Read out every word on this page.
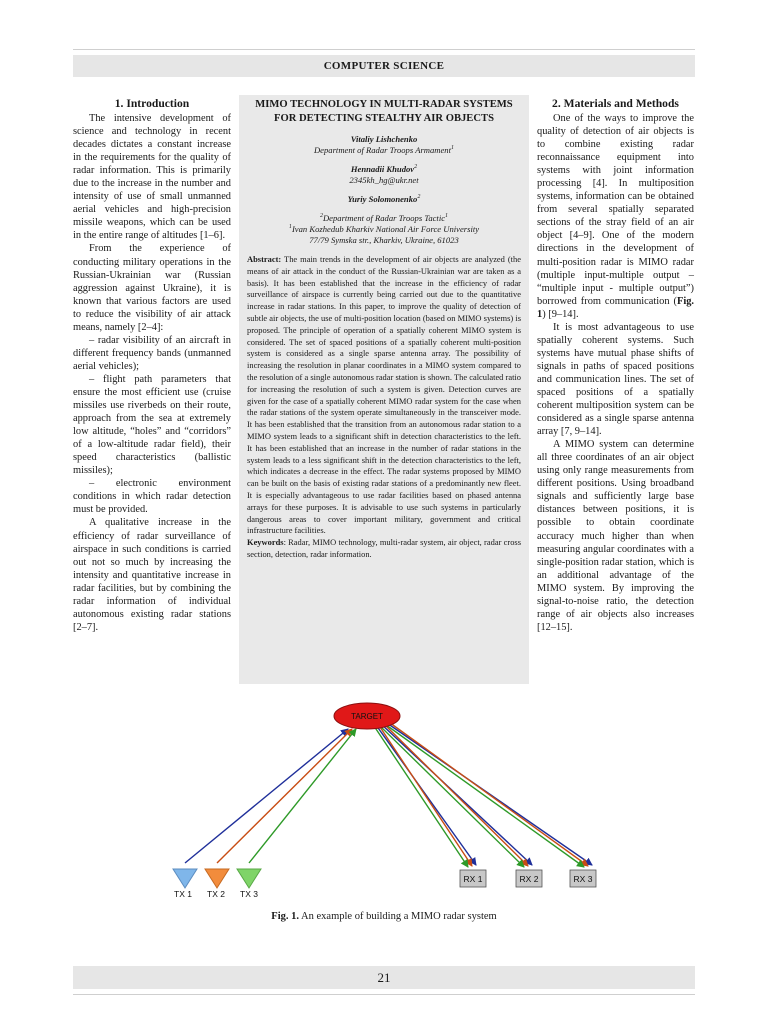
COMPUTER SCIENCE
1. Introduction

The intensive development of science and technology in recent decades dictates a constant increase in the requirements for the quality of radar information. This is primarily due to the increase in the number and intensity of use of small unmanned aerial vehicles and high-precision missile weapons, which can be used in the entire range of altitudes [1–6].

From the experience of conducting military operations in the Russian-Ukrainian war (Russian aggression against Ukraine), it is known that various factors are used to reduce the visibility of air attack means, namely [2–4]:

– radar visibility of an aircraft in different frequency bands (unmanned aerial vehicles);

– flight path parameters that ensure the most efficient use (cruise missiles use riverbeds on their route, approach from the sea at extremely low altitude, “holes” and “corridors” of a low-altitude radar field), their speed characteristics (ballistic missiles);

– electronic environment conditions in which radar detection must be provided.

A qualitative increase in the efficiency of radar surveillance of airspace in such conditions is carried out not so much by increasing the intensity and quantitative increase in radar facilities, but by combining the radar information of individual autonomous existing radar stations [2–7].

MIMO TECHNOLOGY IN MULTI-RADAR SYSTEMS
FOR DETECTING STEALTHY AIR OBJECTS
Vitaliy Lishchenko
Department of Radar Troops Armament$^1$
Hennadii Khudov$^2$
2345kh_hg@ukr.net
Yuriy Solomonenko$^2$
$^2$Department of Radar Troops Tactic$^1$
$^1$Ivan Kozhedub Kharkiv National Air Force University
77/79 Symska str., Kharkiv, Ukraine, 61023

Abstract: The main trends in the development of air objects are analyzed (the means of air attack in the conduct of the Russian-Ukrainian war are taken as a basis). It has been established that the increase in the efficiency of radar surveillance of airspace is currently being carried out due to the quantitative increase in radar stations. In this paper, to improve the quality of detection of subtle air objects, the use of multi-position location (based on MIMO systems) is proposed. The principle of operation of a spatially coherent MIMO system is considered. The set of spaced positions of a spatially coherent multi-position system is considered as a single sparse antenna array. The possibility of increasing the resolution in planar coordinates in a MIMO system compared to the resolution of a single autonomous radar station is shown. The calculated ratio for increasing the resolution of such a system is given. Detection curves are given for the case of a spatially coherent MIMO radar system for the case when the radar stations of the system operate simultaneously in the transceiver mode. It has been established that the transition from an autonomous radar station to a MIMO system leads to a significant shift in detection characteristics to the left. It has been established that an increase in the number of radar stations in the system leads to a less significant shift in the detection characteristics to the left, which indicates a decrease in the effect. The radar systems proposed by MIMO can be built on the basis of existing radar stations of a predominantly new fleet. It is especially advantageous to use radar facilities based on phased antenna arrays for these purposes. It is advisable to use such systems in particularly dangerous areas to cover important military, government and critical infrastructure facilities.

Keywords: Radar, MIMO technology, multi-radar system, air object, radar cross section, detection, radar information.

2. Materials and Methods

One of the ways to improve the quality of detection of air objects is to combine existing radar reconnaissance equipment into systems with joint information processing [4]. In multiposition systems, information can be obtained from several spatially separated sections of the stray field of an air object [4–9]. One of the modern directions in the development of multi-position radar is MIMO radar (multiple input-multiple output – “multiple input - multiple output”) borrowed from communication (Fig. 1) [9–14].

It is most advantageous to use spatially coherent systems. Such systems have mutual phase shifts of signals in paths of spaced positions and communication lines. The set of spaced positions of a spatially coherent multiposition system can be considered as a single sparse antenna array [7, 9–14].

A MIMO system can determine all three coordinates of an air object using only range measurements from different positions. Using broadband signals and sufficiently large base distances between positions, it is possible to obtain coordinate accuracy much higher than when measuring angular coordinates with a single-position radar station, which is an additional advantage of the MIMO system. By improving the signal-to-noise ratio, the detection range of air objects also increases [12–15].

TARGET
TX 1 TX 2 TX 3
RX 1	RX 2	RX 3
Fig. 1. An example of building a MIMO radar system
21
